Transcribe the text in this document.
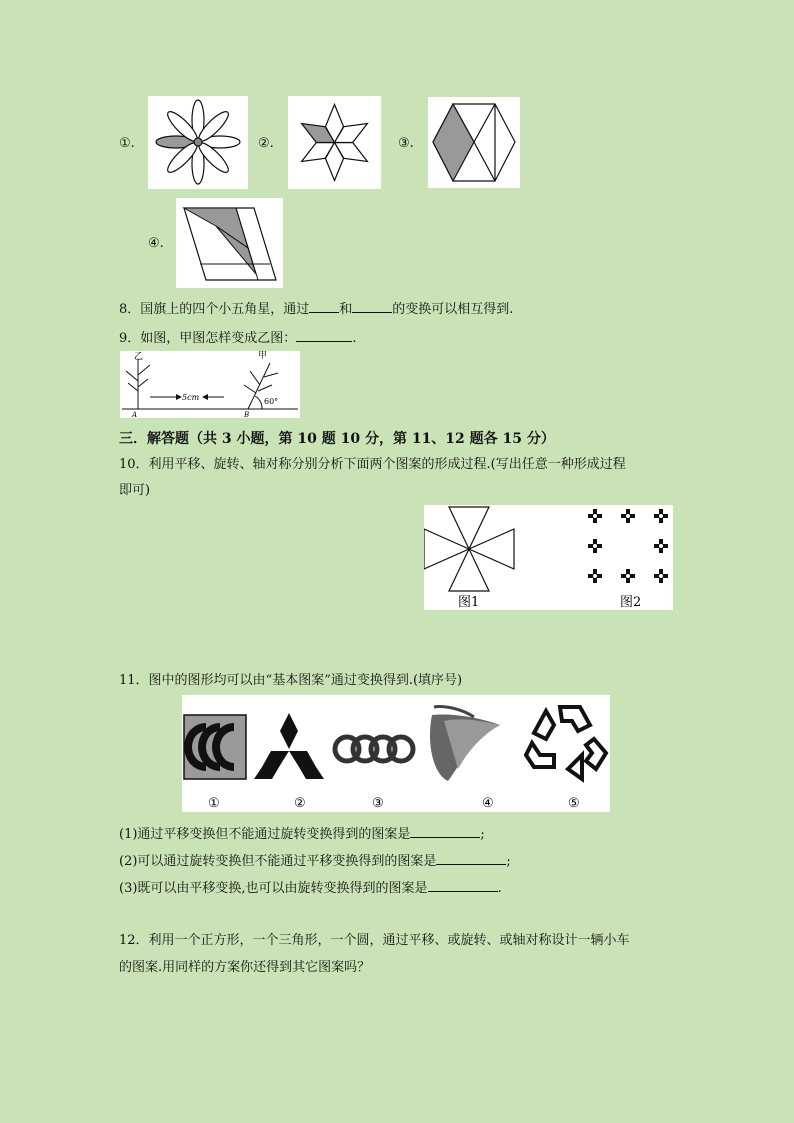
①.	②.	③.
④.
8．国旗上的四个小五角星，通过 和	的变换可以相互得到.
9．如图，甲图怎样变成乙图：	.
乙	甲
60°
5cm
A	B
三．解答题（共 3 小题，第 10 题 10 分，第 11、12 题各 15 分）
10．利用平移、旋转、轴对称分别分析下面两个图案的形成过程.(写出任意一种形成过程
即可)
图1	图2
11．图中的图形均可以由“基本图案”通过变换得到.(填序号)
①	②	③	④	⑤
(1)通过平移变换但不能通过旋转变换得到的图案是	;
(2)可以通过旋转变换但不能通过平移变换得到的图案是	;
(3)既可以由平移变换,也可以由旋转变换得到的图案是	.
12．利用一个正方形，一个三角形，一个圆，通过平移、或旋转、或轴对称设计一辆小车
的图案.用同样的方案你还得到其它图案吗？
